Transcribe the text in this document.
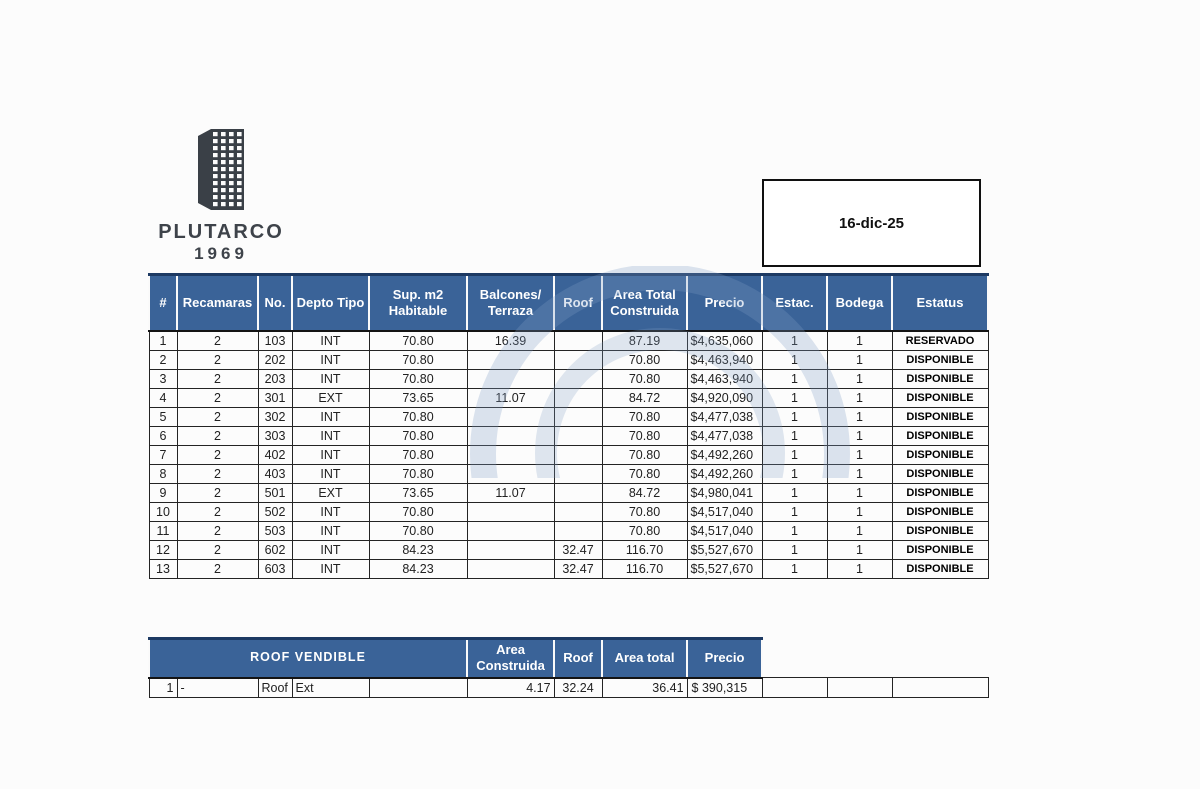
PLUTARCO
1969
16-dic-25
#	Recamaras	No.	Depto Tipo	Sup. m2 Habitable	Balcones/ Terraza	Roof	Area Total Construida	Precio	Estac.	Bodega	Estatus
1	2	103	INT	70.80	16.39		87.19	$4,635,060	1	1	RESERVADO
2	2	202	INT	70.80			70.80	$4,463,940	1	1	DISPONIBLE
3	2	203	INT	70.80			70.80	$4,463,940	1	1	DISPONIBLE
4	2	301	EXT	73.65	11.07		84.72	$4,920,090	1	1	DISPONIBLE
5	2	302	INT	70.80			70.80	$4,477,038	1	1	DISPONIBLE
6	2	303	INT	70.80			70.80	$4,477,038	1	1	DISPONIBLE
7	2	402	INT	70.80			70.80	$4,492,260	1	1	DISPONIBLE
8	2	403	INT	70.80			70.80	$4,492,260	1	1	DISPONIBLE
9	2	501	EXT	73.65	11.07		84.72	$4,980,041	1	1	DISPONIBLE
10	2	502	INT	70.80			70.80	$4,517,040	1	1	DISPONIBLE
11	2	503	INT	70.80			70.80	$4,517,040	1	1	DISPONIBLE
12	2	602	INT	84.23		32.47	116.70	$5,527,670	1	1	DISPONIBLE
13	2	603	INT	84.23		32.47	116.70	$5,527,670	1	1	DISPONIBLE
ROOF VENDIBLE					Area Construida	Roof	Area total	Precio			
1	-	Roof	Ext		4.17	32.24	36.41	$ 390,315			
